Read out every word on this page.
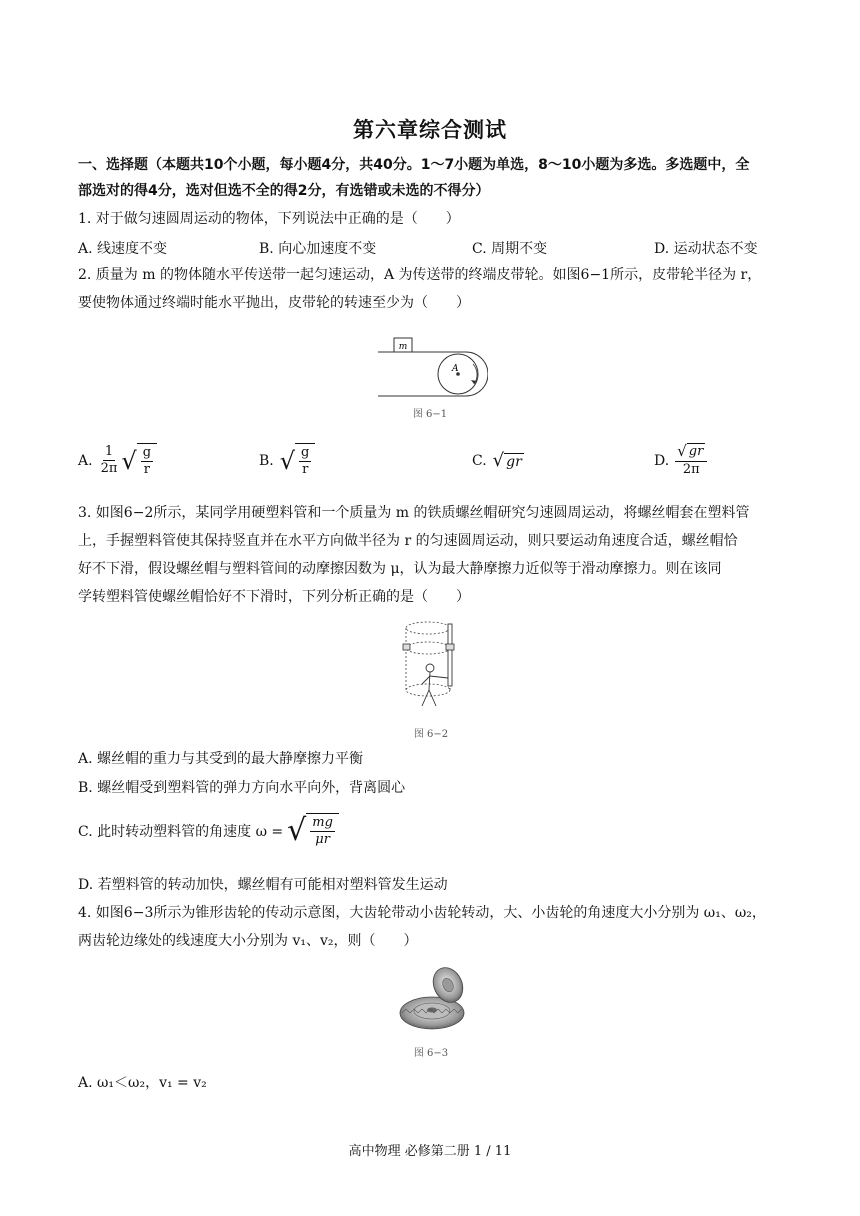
第六章综合测试
一、选择题（本题共10个小题，每小题4分，共40分。1～7小题为单选，8～10小题为多选。多选题中，全
部选对的得4分，选对但选不全的得2分，有选错或未选的不得分）
1. 对于做匀速圆周运动的物体，下列说法中正确的是（　　）
A. 线速度不变	B. 向心加速度不变	C. 周期不变	D. 运动状态不变
2. 质量为 m 的物体随水平传送带一起匀速运动，A 为传送带的终端皮带轮。如图6−1所示，皮带轮半径为 r，
要使物体通过终端时能水平抛出，皮带轮的转速至少为（　　）
m
A
图 6−1
A. $\frac{1}{2\pi}$ √ $\frac{g}{r}$	B. √ $\frac{g}{r}$	C. √ gr	D. $\frac{√ gr}{2\pi}$
3. 如图6−2所示，某同学用硬塑料管和一个质量为 m 的铁质螺丝帽研究匀速圆周运动，将螺丝帽套在塑料管
上，手握塑料管使其保持竖直并在水平方向做半径为 r 的匀速圆周运动，则只要运动角速度合适，螺丝帽恰
好不下滑，假设螺丝帽与塑料管间的动摩擦因数为 μ，认为最大静摩擦力近似等于滑动摩擦力。则在该同
学转塑料管使螺丝帽恰好不下滑时，下列分析正确的是（　　）
图 6−2
A. 螺丝帽的重力与其受到的最大静摩擦力平衡
B. 螺丝帽受到塑料管的弹力方向水平向外，背离圆心
C. 此时转动塑料管的角速度 ω = √ $\frac{mg}{\mu r}$
D. 若塑料管的转动加快，螺丝帽有可能相对塑料管发生运动
4. 如图6−3所示为锥形齿轮的传动示意图，大齿轮带动小齿轮转动，大、小齿轮的角速度大小分别为 ω₁、ω₂，
两齿轮边缘处的线速度大小分别为 v₁、v₂，则（　　）
图 6−3
A. ω₁＜ω₂，v₁ = v₂
高中物理 必修第二册 1 / 11
